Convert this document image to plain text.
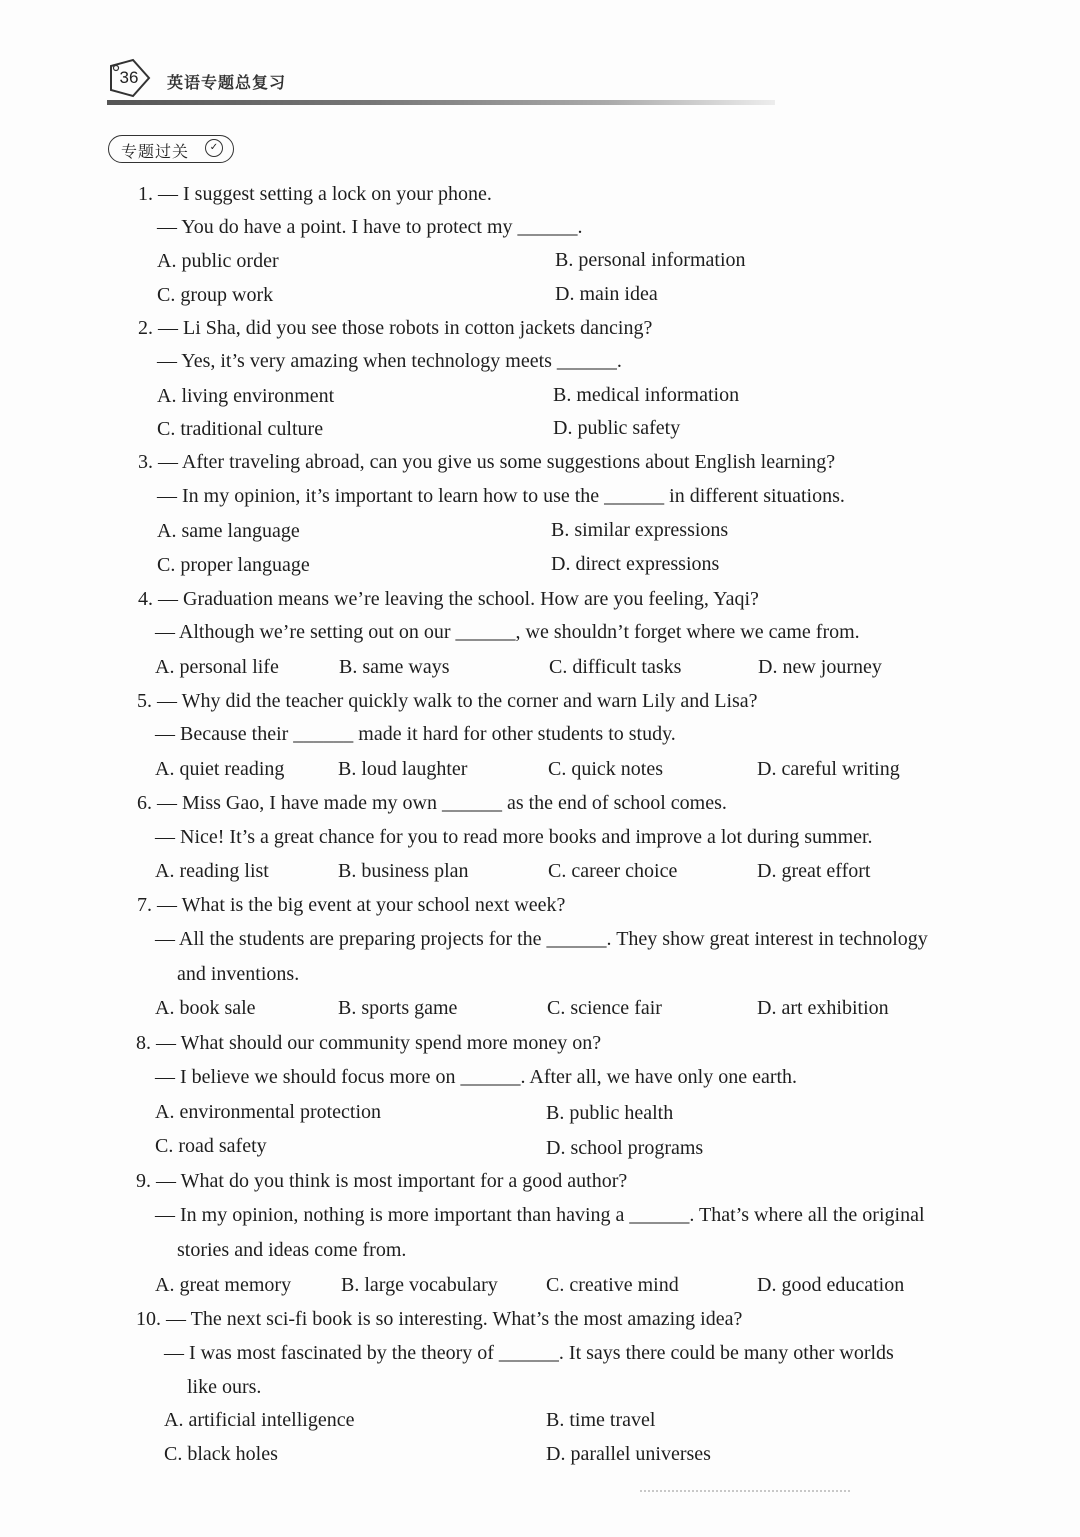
36 英语专题总复习
专题过关	✓
1. — I suggest setting a lock on your phone.
— You do have a point. I have to protect my ______.
A. public order	B. personal information
C. group work	D. main idea
2. — Li Sha, did you see those robots in cotton jackets dancing?
— Yes, it’s very amazing when technology meets ______.
A. living environment	B. medical information
C. traditional culture	D. public safety
3. — After traveling abroad, can you give us some suggestions about English learning?
— In my opinion, it’s important to learn how to use the ______ in different situations.
A. same language	B. similar expressions
C. proper language	D. direct expressions
4. — Graduation means we’re leaving the school. How are you feeling, Yaqi?
— Although we’re setting out on our ______, we shouldn’t forget where we came from.
A. personal life	B. same ways	C. difficult tasks	D. new journey
5. — Why did the teacher quickly walk to the corner and warn Lily and Lisa?
— Because their ______ made it hard for other students to study.
A. quiet reading	B. loud laughter	C. quick notes	D. careful writing
6. — Miss Gao, I have made my own ______ as the end of school comes.
— Nice! It’s a great chance for you to read more books and improve a lot during summer.
A. reading list	B. business plan	C. career choice	D. great effort
7. — What is the big event at your school next week?
— All the students are preparing projects for the ______. They show great interest in technology
and inventions.
A. book sale	B. sports game	C. science fair	D. art exhibition
8. — What should our community spend more money on?
— I believe we should focus more on ______. After all, we have only one earth.
A. environmental protection	B. public health
C. road safety	D. school programs
9. — What do you think is most important for a good author?
— In my opinion, nothing is more important than having a ______. That’s where all the original
stories and ideas come from.
A. great memory B. large vocabulary C. creative mind	D. good education
10. — The next sci-fi book is so interesting. What’s the most amazing idea?
— I was most fascinated by the theory of ______. It says there could be many other worlds
like ours.
A. artificial intelligence	B. time travel
C. black holes	D. parallel universes
